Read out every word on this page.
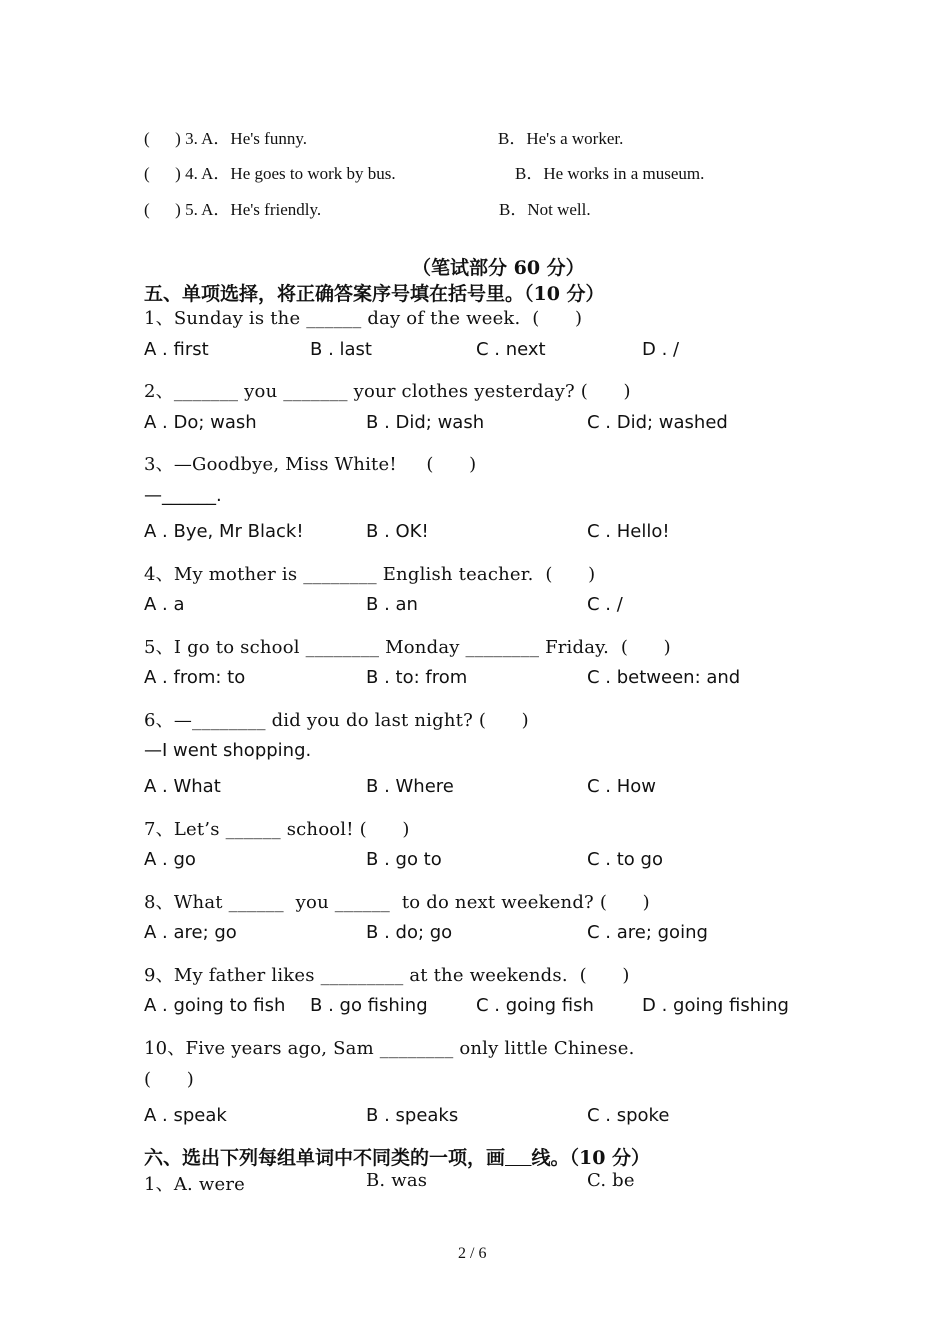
(      ) 3. A．He's funny.	B．He's a worker.
(      ) 4. A．He goes to work by bus.	B．He works in a museum.
(      ) 5. A．He's friendly.	B．Not well.
（笔试部分 60 分）
五、单项选择，将正确答案序号填在括号里。（10 分）
1、Sunday is the ______ day of the week.  (      )
A . first	B . last	C . next	D . /
2、_______ you _______ your clothes yesterday? (      )
A . Do; wash	B . Did; wash	C . Did; washed
3、—Goodbye, Miss White!     (      )
—______.
A . Bye, Mr Black!	B . OK!	C . Hello!
4、My mother is ________ English teacher.  (      )
A . a	B . an	C . /
5、I go to school ________ Monday ________ Friday.  (      )
A . from: to	B . to: from	C . between: and
6、—________ did you do last night? (      )
—I went shopping.
A . What	B . Where	C . How
7、Let’s ______ school! (      )
A . go	B . go to	C . to go
8、What ______  you ______  to do next weekend? (      )
A . are; go	B . do; go	C . are; going
9、My father likes _________ at the weekends.  (      )
A . going to fish B . go fishing	C . going fish	D . going fishing
10、Five years ago, Sam ________ only little Chinese.
(      )
A . speak	B . speaks	C . spoke
六、选出下列每组单词中不同类的一项，画 线。（10 分）
1、A. were	B. was	C. be
2 / 6
